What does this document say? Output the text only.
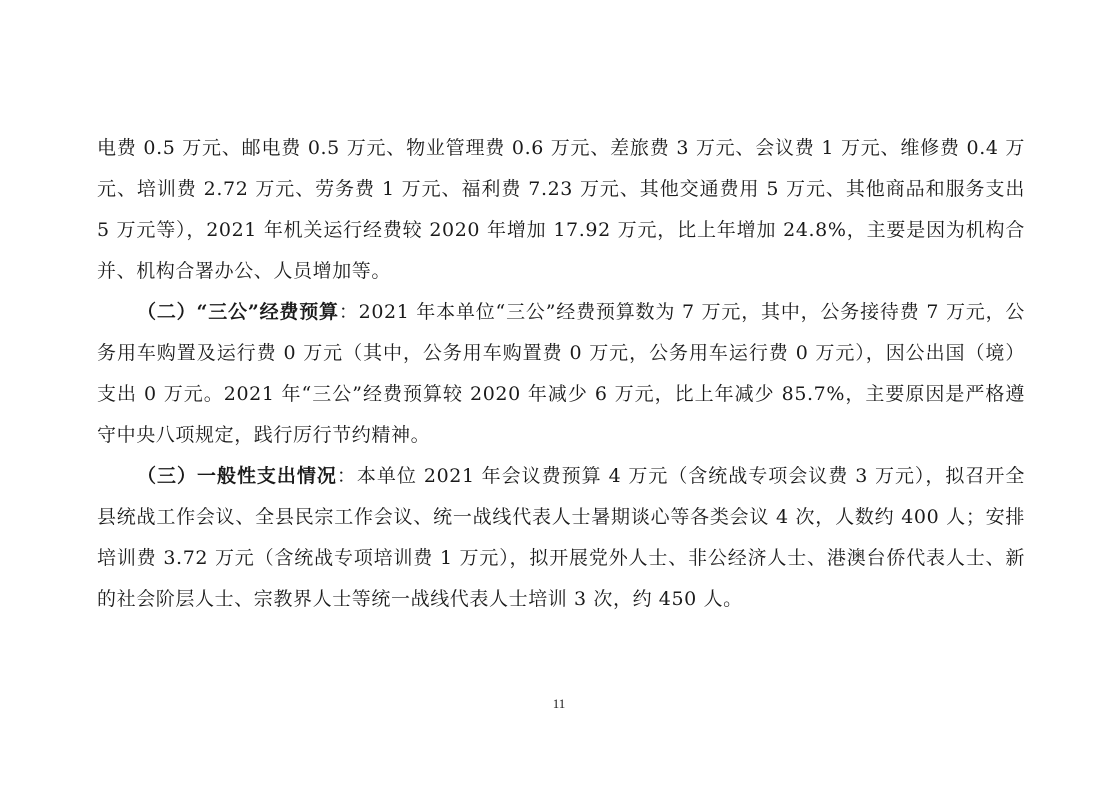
电费 0.5 万元、邮电费 0.5 万元、物业管理费 0.6 万元、差旅费 3 万元、会议费 1 万元、维修费 0.4 万元、培训费 2.72 万元、劳务费 1 万元、福利费 7.23 万元、其他交通费用 5 万元、其他商品和服务支出 5 万元等），2021 年机关运行经费较 2020 年增加 17.92 万元，比上年增加 24.8%，主要是因为机构合并、机构合署办公、人员增加等。

（二）“三公”经费预算：2021 年本单位“三公”经费预算数为 7 万元，其中，公务接待费 7 万元，公务用车购置及运行费 0 万元（其中，公务用车购置费 0 万元，公务用车运行费 0 万元），因公出国（境）支出 0 万元。2021 年“三公”经费预算较 2020 年减少 6 万元，比上年减少 85.7%，主要原因是严格遵守中央八项规定，践行厉行节约精神。

（三）一般性支出情况：本单位 2021 年会议费预算 4 万元（含统战专项会议费 3 万元），拟召开全县统战工作会议、全县民宗工作会议、统一战线代表人士暑期谈心等各类会议 4 次，人数约 400 人；安排培训费 3.72 万元（含统战专项培训费 1 万元），拟开展党外人士、非公经济人士、港澳台侨代表人士、新的社会阶层人士、宗教界人士等统一战线代表人士培训 3 次，约 450 人。

11
